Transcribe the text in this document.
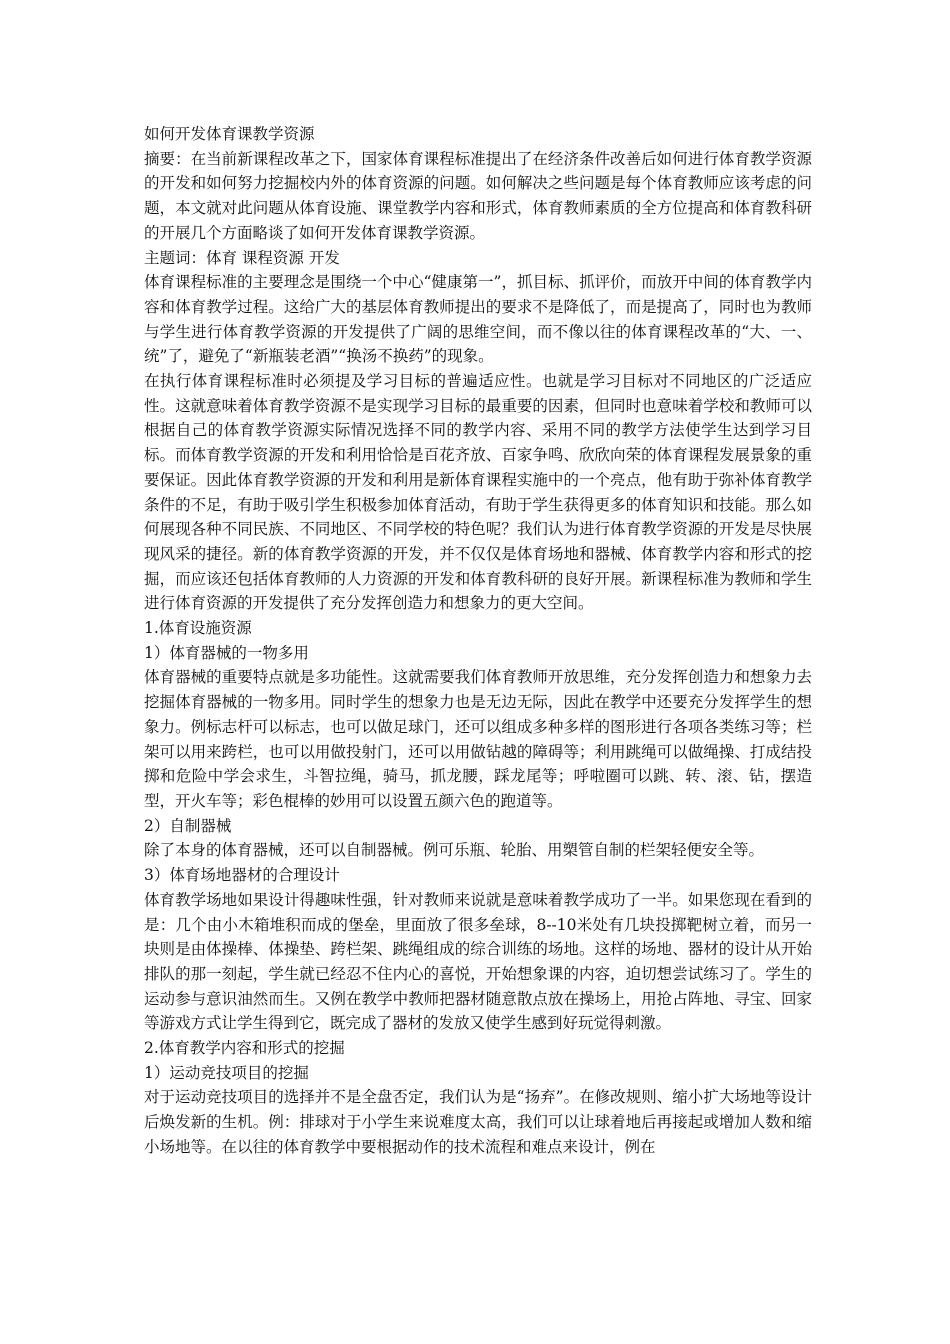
如何开发体育课教学资源

摘要：在当前新课程改革之下，国家体育课程标准提出了在经济条件改善后如何进行体育教学资源的开发和如何努力挖掘校内外的体育资源的问题。如何解决之些问题是每个体育教师应该考虑的问题，本文就对此问题从体育设施、课堂教学内容和形式，体育教师素质的全方位提高和体育教科研的开展几个方面略谈了如何开发体育课教学资源。

主题词：体育 课程资源 开发

体育课程标准的主要理念是围绕一个中心“健康第一”，抓目标、抓评价，而放开中间的体育教学内容和体育教学过程。这给广大的基层体育教师提出的要求不是降低了，而是提高了，同时也为教师与学生进行体育教学资源的开发提供了广阔的思维空间，而不像以往的体育课程改革的“大、一、统”了，避免了“新瓶装老酒”“换汤不换药”的现象。

在执行体育课程标准时必须提及学习目标的普遍适应性。也就是学习目标对不同地区的广泛适应性。这就意味着体育教学资源不是实现学习目标的最重要的因素，但同时也意味着学校和教师可以根据自己的体育教学资源实际情况选择不同的教学内容、采用不同的教学方法使学生达到学习目标。而体育教学资源的开发和利用恰恰是百花齐放、百家争鸣、欣欣向荣的体育课程发展景象的重要保证。因此体育教学资源的开发和利用是新体育课程实施中的一个亮点，他有助于弥补体育教学条件的不足，有助于吸引学生积极参加体育活动，有助于学生获得更多的体育知识和技能。那么如何展现各种不同民族、不同地区、不同学校的特色呢？我们认为进行体育教学资源的开发是尽快展现风采的捷径。新的体育教学资源的开发，并不仅仅是体育场地和器械、体育教学内容和形式的挖掘，而应该还包括体育教师的人力资源的开发和体育教科研的良好开展。新课程标准为教师和学生进行体育资源的开发提供了充分发挥创造力和想象力的更大空间。

1.体育设施资源

1）体育器械的一物多用

体育器械的重要特点就是多功能性。这就需要我们体育教师开放思维，充分发挥创造力和想象力去挖掘体育器械的一物多用。同时学生的想象力也是无边无际，因此在教学中还要充分发挥学生的想象力。例标志杆可以标志，也可以做足球门，还可以组成多种多样的图形进行各项各类练习等；栏架可以用来跨栏，也可以用做投射门，还可以用做钻越的障碍等；利用跳绳可以做绳操、打成结投掷和危险中学会求生，斗智拉绳，骑马，抓龙腰，踩龙尾等；呼啦圈可以跳、转、滚、钻，摆造型，开火车等；彩色棍棒的妙用可以设置五颜六色的跑道等。

2）自制器械

除了本身的体育器械，还可以自制器械。例可乐瓶、轮胎、用槊管自制的栏架轻便安全等。

3）体育场地器材的合理设计

体育教学场地如果设计得趣味性强，针对教师来说就是意味着教学成功了一半。如果您现在看到的是：几个由小木箱堆积而成的堡垒，里面放了很多垒球，8--10米处有几块投掷靶树立着，而另一块则是由体操棒、体操垫、跨栏架、跳绳组成的综合训练的场地。这样的场地、器材的设计从开始排队的那一刻起，学生就已经忍不住内心的喜悦，开始想象课的内容，迫切想尝试练习了。学生的运动参与意识油然而生。又例在教学中教师把器材随意散点放在操场上，用抢占阵地、寻宝、回家等游戏方式让学生得到它，既完成了器材的发放又使学生感到好玩觉得刺激。

2.体育教学内容和形式的挖掘

1）运动竞技项目的挖掘

对于运动竞技项目的选择并不是全盘否定，我们认为是“扬弃”。在修改规则、缩小扩大场地等设计后焕发新的生机。例：排球对于小学生来说难度太高，我们可以让球着地后再接起或增加人数和缩小场地等。在以往的体育教学中要根据动作的技术流程和难点来设计，例在
